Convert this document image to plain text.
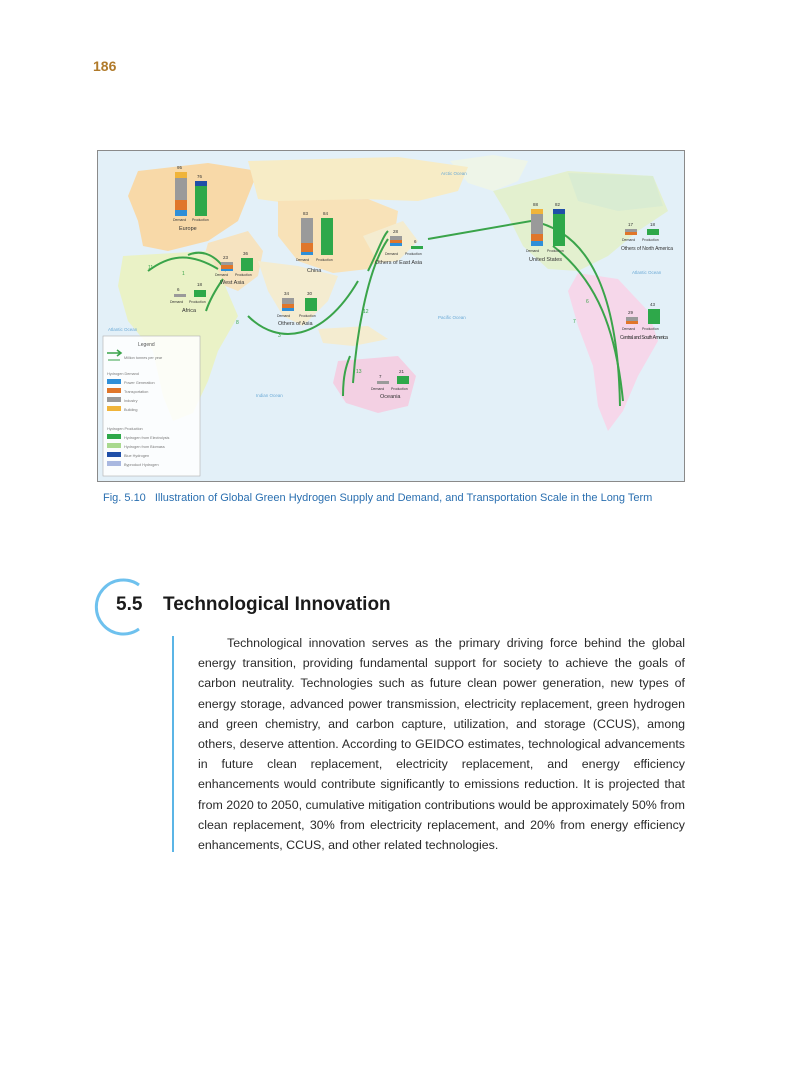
186
Arctic Ocean
Atlantic Ocean
Pacific Ocean
Indian Ocean
Atlantic Ocean
11
1
8
12
3
13
7
6
95
76
Demand Production
Europe
23
36
Demand Production
West Asia
6
18
Demand Production
Africa
83	84
Demand Production
China
34	30
Demand	Production
Others of Asia
28
6
Demand Production
Others of East Asia
7
21
Demand Production
Oceania
88	82
Demand Production
United States
17	18
Demand Production
Others of North America
29
43
Demand Production
Central and South America
Legend
Million tonnes per year
Hydrogen Demand
Power Generation
Transportation
Industry
Building
Hydrogen Production
Hydrogen from Electrolysis
Hydrogen from Biomass
Blue Hydrogen
Byproduct Hydrogen
Fig. 5.10 Illustration of Global Green Hydrogen Supply and Demand, and Transportation Scale in the Long Term
5.5 Technological Innovation

Technological innovation serves as the primary driving force behind the global energy transition, providing fundamental support for society to achieve the goals of carbon neutrality. Technologies such as future clean power generation, new types of energy storage, advanced power transmission, electricity replacement, green hydrogen and green chemistry, and carbon capture, utilization, and storage (CCUS), among others, deserve attention. According to GEIDCO estimates, technological advancements in future clean replacement, electricity replacement, and energy efficiency enhancements would contribute significantly to emissions reduction. It is projected that from 2020 to 2050, cumulative mitigation contributions would be approximately 50% from clean replacement, 30% from electricity replacement, and 20% from energy efficiency enhancements, CCUS, and other related technologies.
